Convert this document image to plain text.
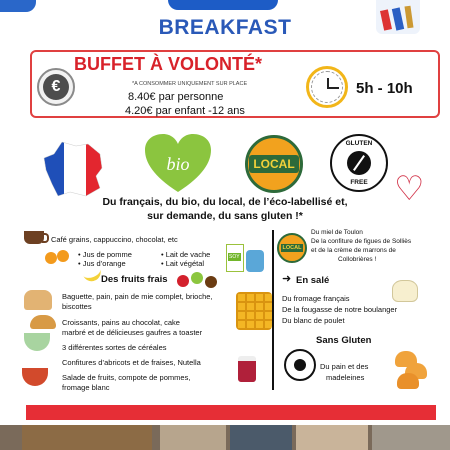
BREAKFAST
€
BUFFET À VOLONTÉ*
*A CONSOMMER UNIQUEMENT SUR PLACE
8.40€ par personne
4.20€ par enfant -12 ans
5h - 10h
bio	LOCAL
GLUTEN
FREE ♡
Du français, du bio, du local, de l’éco-labellisé et,
sur demande, du sans gluten !*
Café grains, cappuccino, chocolat, etc
• Jus de pomme
• Jus d’orange
• Lait de vache
• Lait végétal
SOY
Des fruits frais
Baguette, pain, pain de mie complet, brioche,
biscottes
Croissants, pains au chocolat, cake
marbré et de délicieuses gaufres a toaster
3 différentes sortes de céréales
Confitures d’abricots et de fraises, Nutella
Salade de fruits, compote de pommes,
fromage blanc
LOCAL
Du miel de Toulon
De la confiture de figues de Solliès
et de la crème de marrons de
Collobrières !
➜ En salé
Du fromage français
De la fougasse de notre boulanger
Du blanc de poulet
Sans Gluten
Du pain et des
madeleines
